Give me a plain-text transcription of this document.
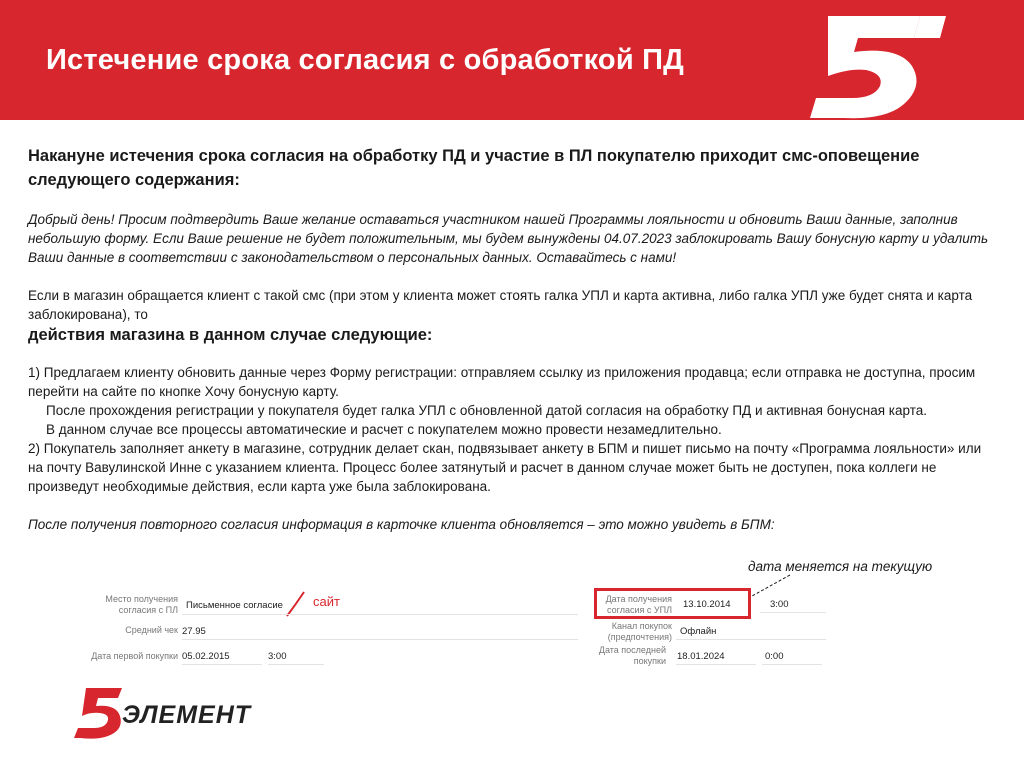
Истечение срока согласия с обработкой ПД

Накануне истечения срока согласия на обработку ПД и участие в ПЛ покупателю приходит смс-оповещение следующего содержания:

Добрый день! Просим подтвердить Ваше желание оставаться участником нашей Программы лояльности и обновить Ваши данные, заполнив небольшую форму. Если Ваше решение не будет положительным, мы будем вынуждены 04.07.2023 заблокировать Вашу бонусную карту и удалить Ваши данные в соответствии с законодательством о персональных данных. Оставайтесь с нами!

Если в магазин обращается клиент с такой смс (при этом у клиента может стоять галка УПЛ и карта активна, либо галка УПЛ уже будет снята и карта заблокирована), то

действия магазина в данном случае следующие:

1) Предлагаем клиенту обновить данные через Форму регистрации: отправляем ссылку из приложения продавца; если отправка не доступна, просим перейти на сайте по кнопке Хочу бонусную карту.

После прохождения регистрации у покупателя будет галка УПЛ с обновленной датой согласия на обработку ПД и активная бонусная карта.

В данном случае все процессы автоматические и расчет с покупателем можно провести незамедлительно.

2) Покупатель заполняет анкету в магазине, сотрудник делает скан, подвязывает анкету в БПМ и пишет письмо на почту «Программа лояльности» или на почту Вавулинской Инне с указанием клиента. Процесс более затянутый и расчет в данном случае может быть не доступен, пока коллеги не произведут необходимые действия, если карта уже была заблокирована.

После получения повторного согласия информация в карточке клиента обновляется – это можно увидеть в БПМ:

дата меняется на текущую
Место получения согласия с ПЛ Письменное согласие сайт
Средний чек 27.95
Дата первой покупки 05.02.2015	3:00
Дата получения согласия с УПЛ 13.10.2014	3:00
Канал покупок (предпочтения) Офлайн
Дата последней покупки 18.01.2024	0:00
ЭЛЕМЕНТ
